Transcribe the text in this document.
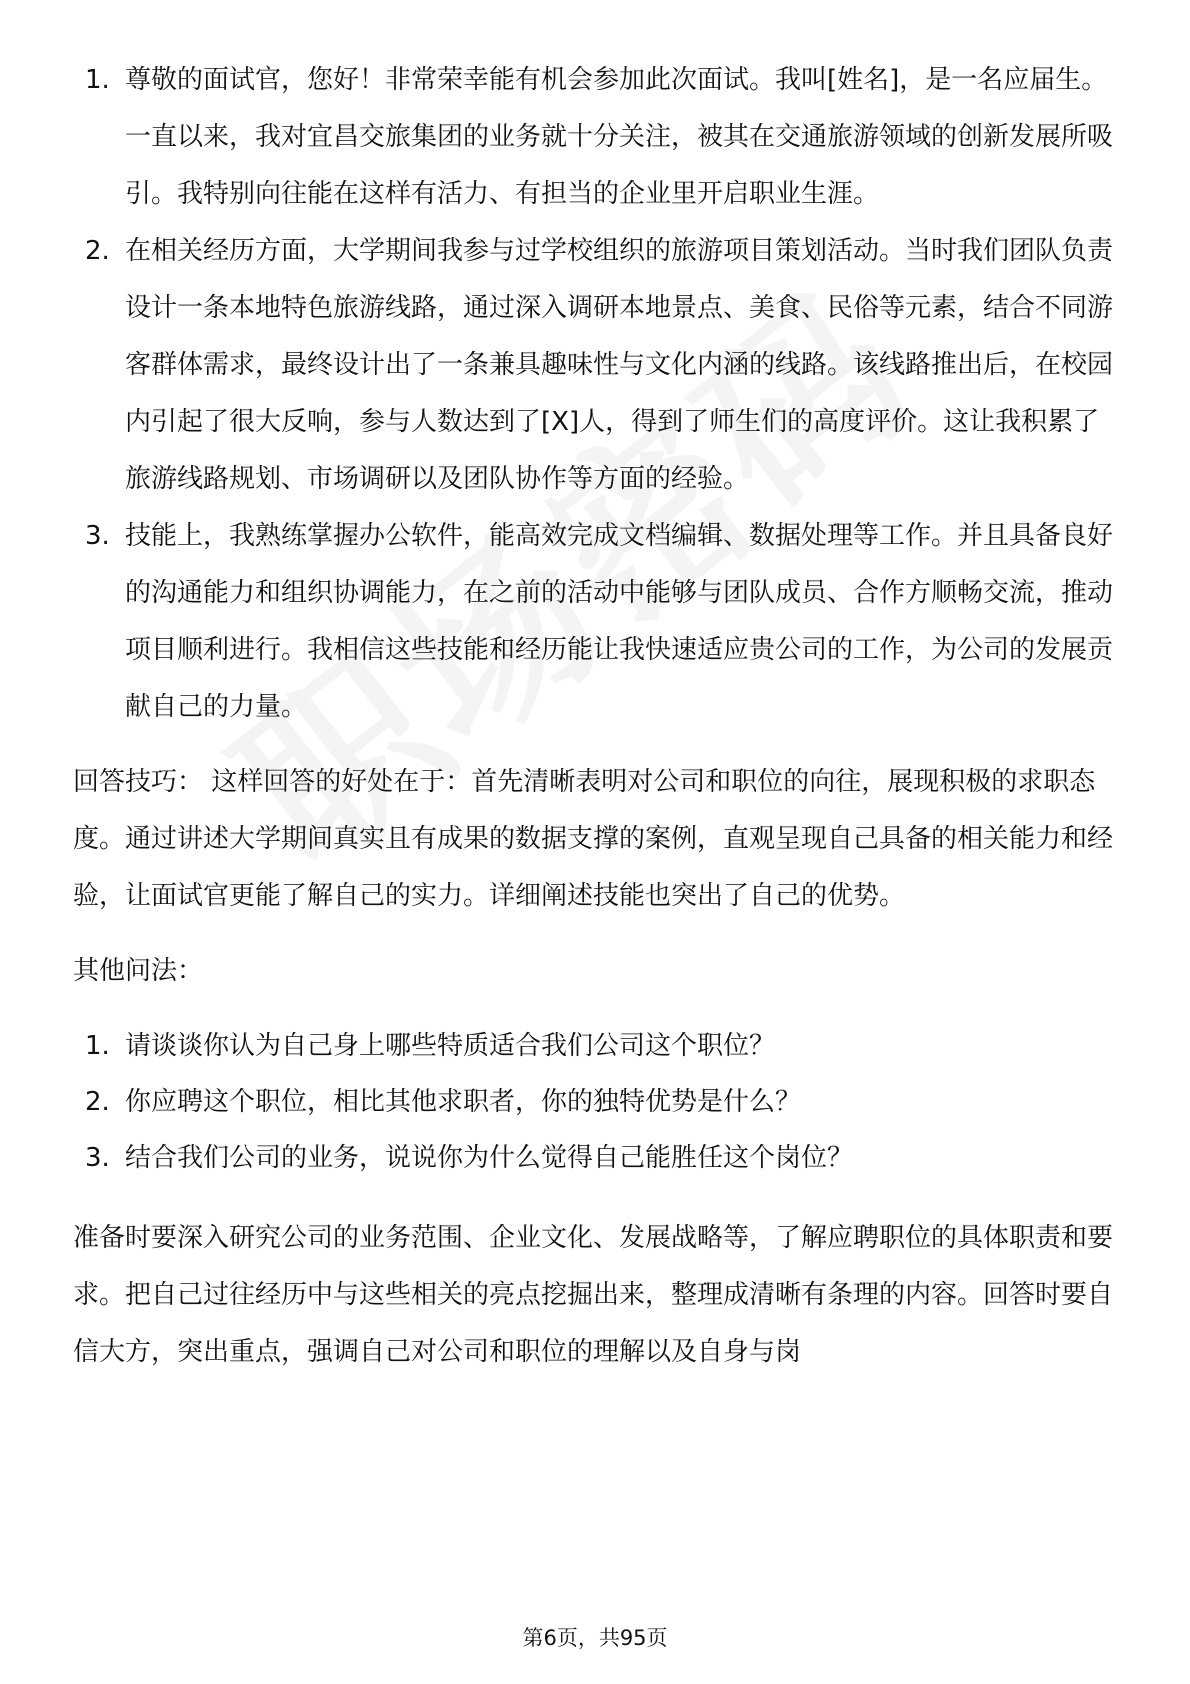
1. 尊敬的面试官，您好！非常荣幸能有机会参加此次面试。我叫[姓名]，是一名应届生。一直以来，我对宜昌交旅集团的业务就十分关注，被其在交通旅游领域的创新发展所吸引。我特别向往能在这样有活力、有担当的企业里开启职业生涯。
2. 在相关经历方面，大学期间我参与过学校组织的旅游项目策划活动。当时我们团队负责设计一条本地特色旅游线路，通过深入调研本地景点、美食、民俗等元素，结合不同游客群体需求，最终设计出了一条兼具趣味性与文化内涵的线路。该线路推出后，在校园内引起了很大反响，参与人数达到了[X]人，得到了师生们的高度评价。这让我积累了旅游线路规划、市场调研以及团队协作等方面的经验。
3. 技能上，我熟练掌握办公软件，能高效完成文档编辑、数据处理等工作。并且具备良好的沟通能力和组织协调能力，在之前的活动中能够与团队成员、合作方顺畅交流，推动项目顺利进行。我相信这些技能和经历能让我快速适应贵公司的工作，为公司的发展贡献自己的力量。

回答技巧： 这样回答的好处在于：首先清晰表明对公司和职位的向往，展现积极的求职态度。通过讲述大学期间真实且有成果的数据支撑的案例，直观呈现自己具备的相关能力和经验，让面试官更能了解自己的实力。详细阐述技能也突出了自己的优势。

其他问法：

1. 请谈谈你认为自己身上哪些特质适合我们公司这个职位？
2. 你应聘这个职位，相比其他求职者，你的独特优势是什么？
3. 结合我们公司的业务，说说你为什么觉得自己能胜任这个岗位？

准备时要深入研究公司的业务范围、企业文化、发展战略等，了解应聘职位的具体职责和要求。把自己过往经历中与这些相关的亮点挖掘出来，整理成清晰有条理的内容。回答时要自信大方，突出重点，强调自己对公司和职位的理解以及自身与岗

第6页，共95页
